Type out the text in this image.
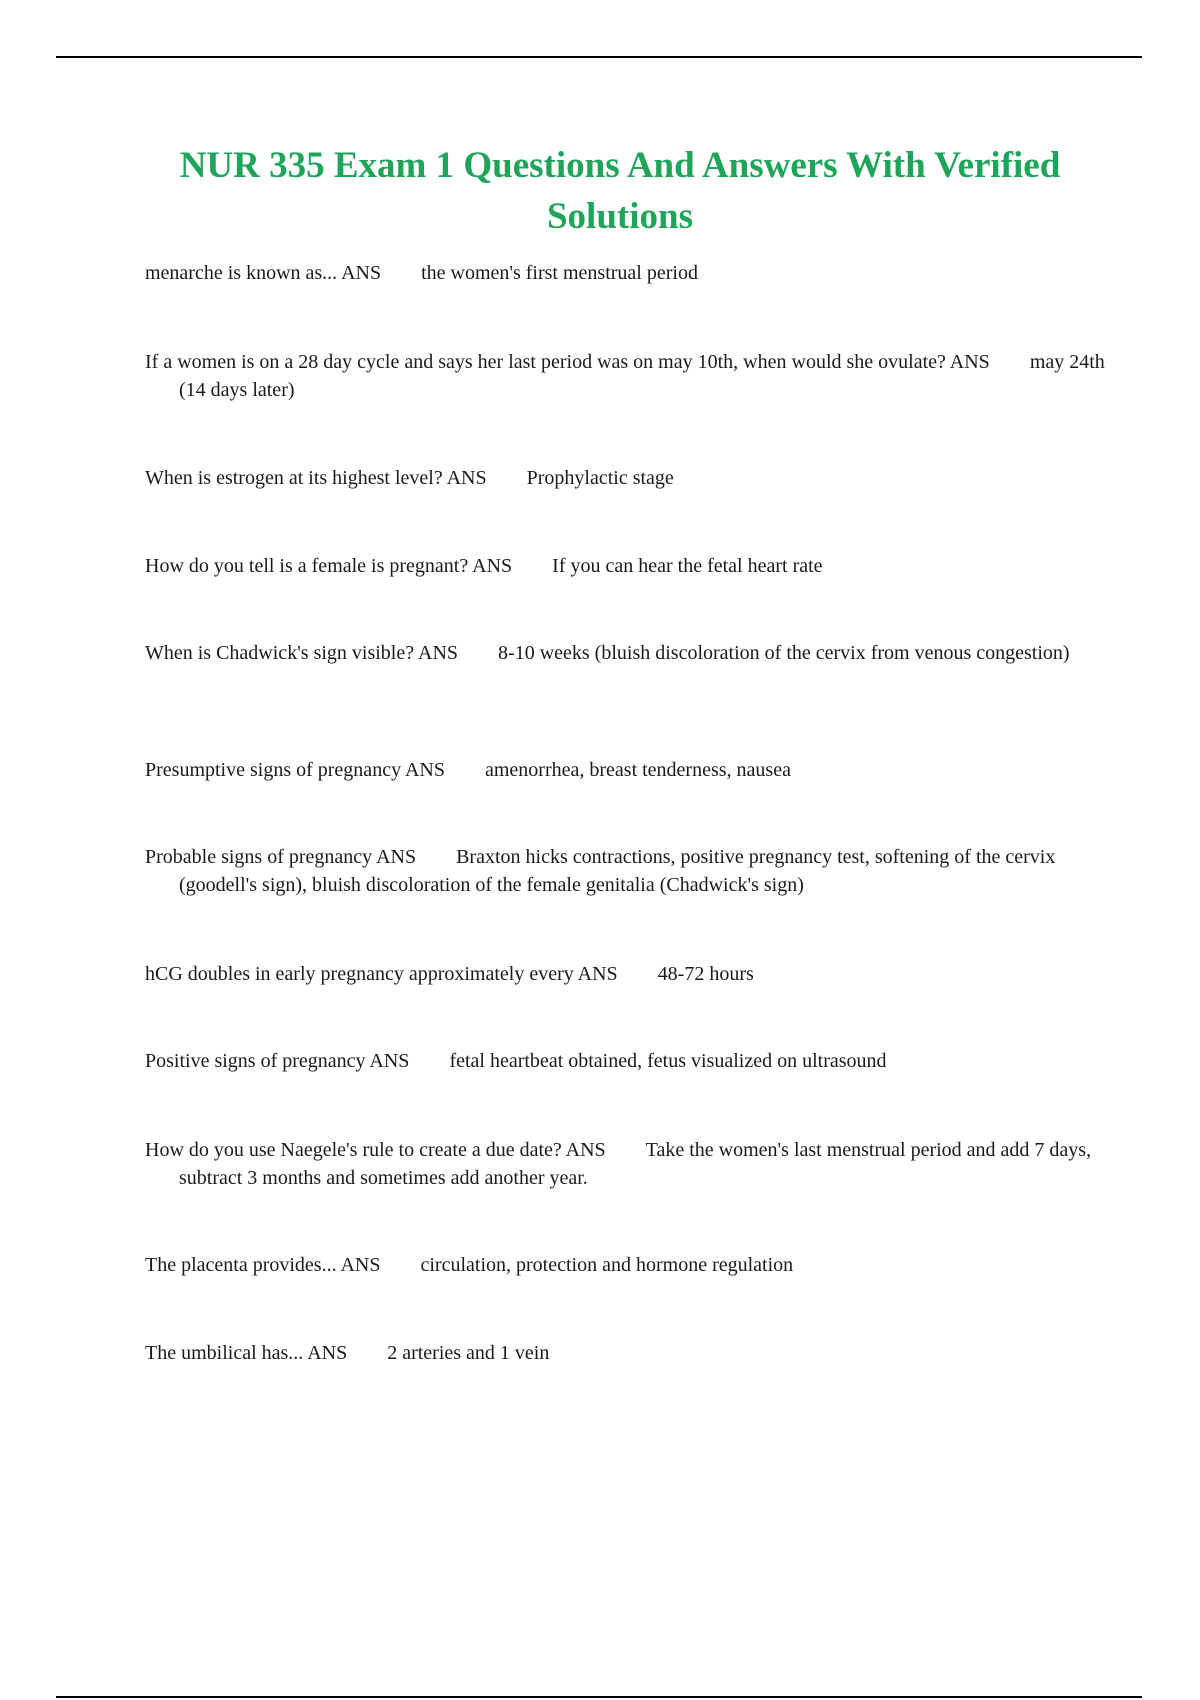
NUR 335 Exam 1 Questions And Answers With Verified Solutions

menarche is known as... ANS the women's first menstrual period

If a women is on a 28 day cycle and says her last period was on may 10th, when would she ovulate? ANS may 24th (14 days later)

When is estrogen at its highest level? ANS Prophylactic stage

How do you tell is a female is pregnant? ANS If you can hear the fetal heart rate

When is Chadwick's sign visible? ANS 8-10 weeks (bluish discoloration of the cervix from venous congestion)

Presumptive signs of pregnancy ANS amenorrhea, breast tenderness, nausea

Probable signs of pregnancy ANS Braxton hicks contractions, positive pregnancy test, softening of the cervix (goodell's sign), bluish discoloration of the female genitalia (Chadwick's sign)

hCG doubles in early pregnancy approximately every ANS 48-72 hours

Positive signs of pregnancy ANS fetal heartbeat obtained, fetus visualized on ultrasound

How do you use Naegele's rule to create a due date? ANS Take the women's last menstrual period and add 7 days, subtract 3 months and sometimes add another year.

The placenta provides... ANS circulation, protection and hormone regulation

The umbilical has... ANS 2 arteries and 1 vein
